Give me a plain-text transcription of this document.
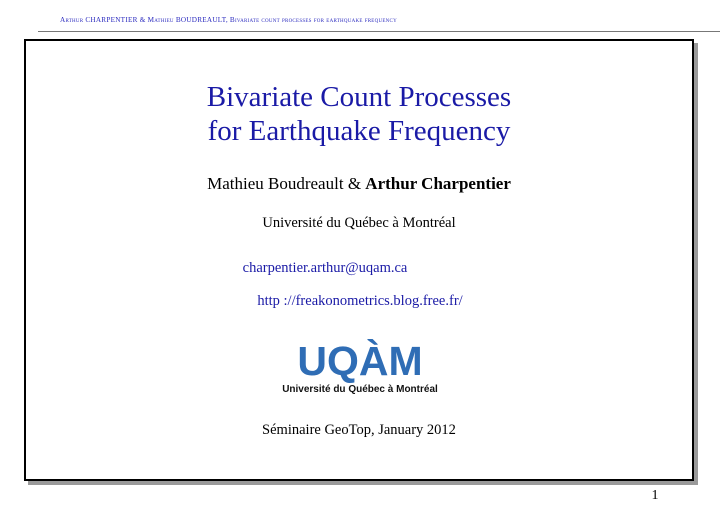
Arthur CHARPENTIER & Mathieu BOUDREAULT, Bivariate count processes for earthquake frequency
Bivariate Count Processes
for Earthquake Frequency
Mathieu Boudreault & Arthur Charpentier
Université du Québec à Montréal
charpentier.arthur@uqam.ca
http ://freakonometrics.blog.free.fr/
UQÀM
Université du Québec à Montréal
Séminaire GeoTop, January 2012
1
